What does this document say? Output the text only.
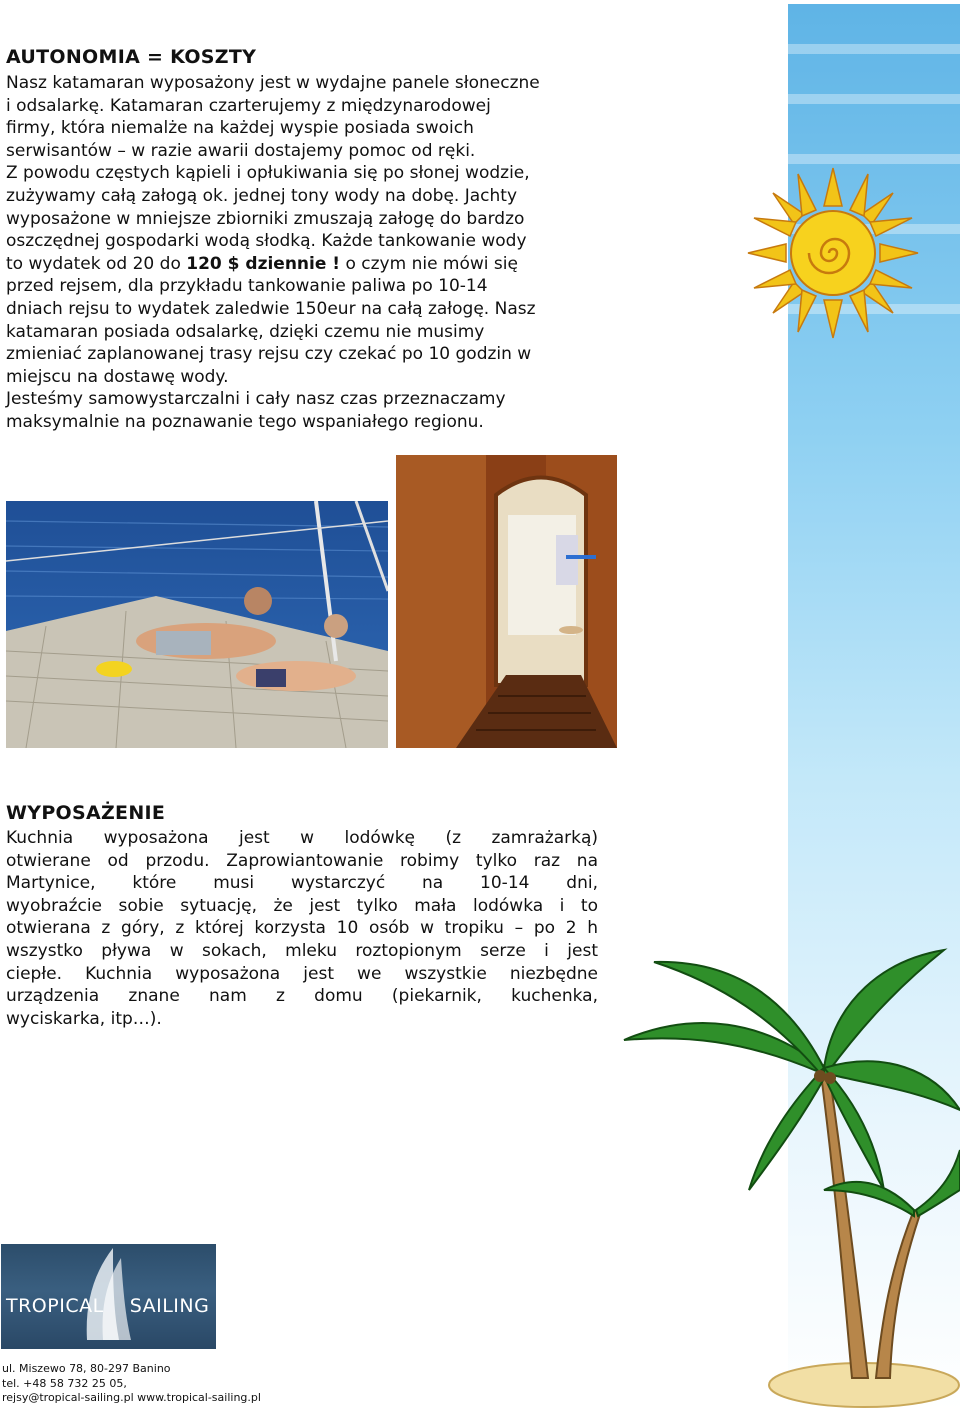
AUTONOMIA = KOSZTY

Nasz katamaran wyposażony jest w wydajne panele słoneczne

i odsalarkę. Katamaran czarterujemy z międzynarodowej

firmy, która niemalże na każdej wyspie posiada swoich

serwisantów – w razie awarii dostajemy pomoc od ręki.

Z powodu częstych kąpieli i opłukiwania się po słonej wodzie,

zużywamy całą załogą ok. jednej tony wody na dobę. Jachty

wyposażone w mniejsze zbiorniki zmuszają załogę do bardzo

oszczędnej gospodarki wodą słodką. Każde tankowanie wody

to wydatek od 20 do 120 $ dziennie ! o czym nie mówi się

przed rejsem, dla przykładu tankowanie paliwa po 10-14

dniach rejsu to wydatek zaledwie 150eur na całą załogę. Nasz

katamaran posiada odsalarkę, dzięki czemu nie musimy

zmieniać zaplanowanej trasy rejsu czy czekać po 10 godzin w

miejscu na dostawę wody.

Jesteśmy samowystarczalni i cały nasz czas przeznaczamy

maksymalnie na poznawanie tego wspaniałego regionu.

WYPOSAŻENIE

Kuchnia wyposażona jest w lodówkę (z zamrażarką)

otwierane od przodu. Zaprowiantowanie robimy tylko raz na

Martynice, które musi wystarczyć na 10-14 dni,

wyobraźcie sobie sytuację, że jest tylko mała lodówka i to

otwierana z góry, z której korzysta 10 osób w tropiku – po 2 h

wszystko pływa w sokach, mleku roztopionym serze i jest

ciepłe. Kuchnia wyposażona jest we wszystkie niezbędne

urządzenia znane nam z domu (piekarnik, kuchenka,

wyciskarka, itp…).

TROPICAL SAILING
ul. Miszewo 78, 80-297 Banino
tel. +48 58 732 25 05,
rejsy@tropical-sailing.pl www.tropical-sailing.pl
